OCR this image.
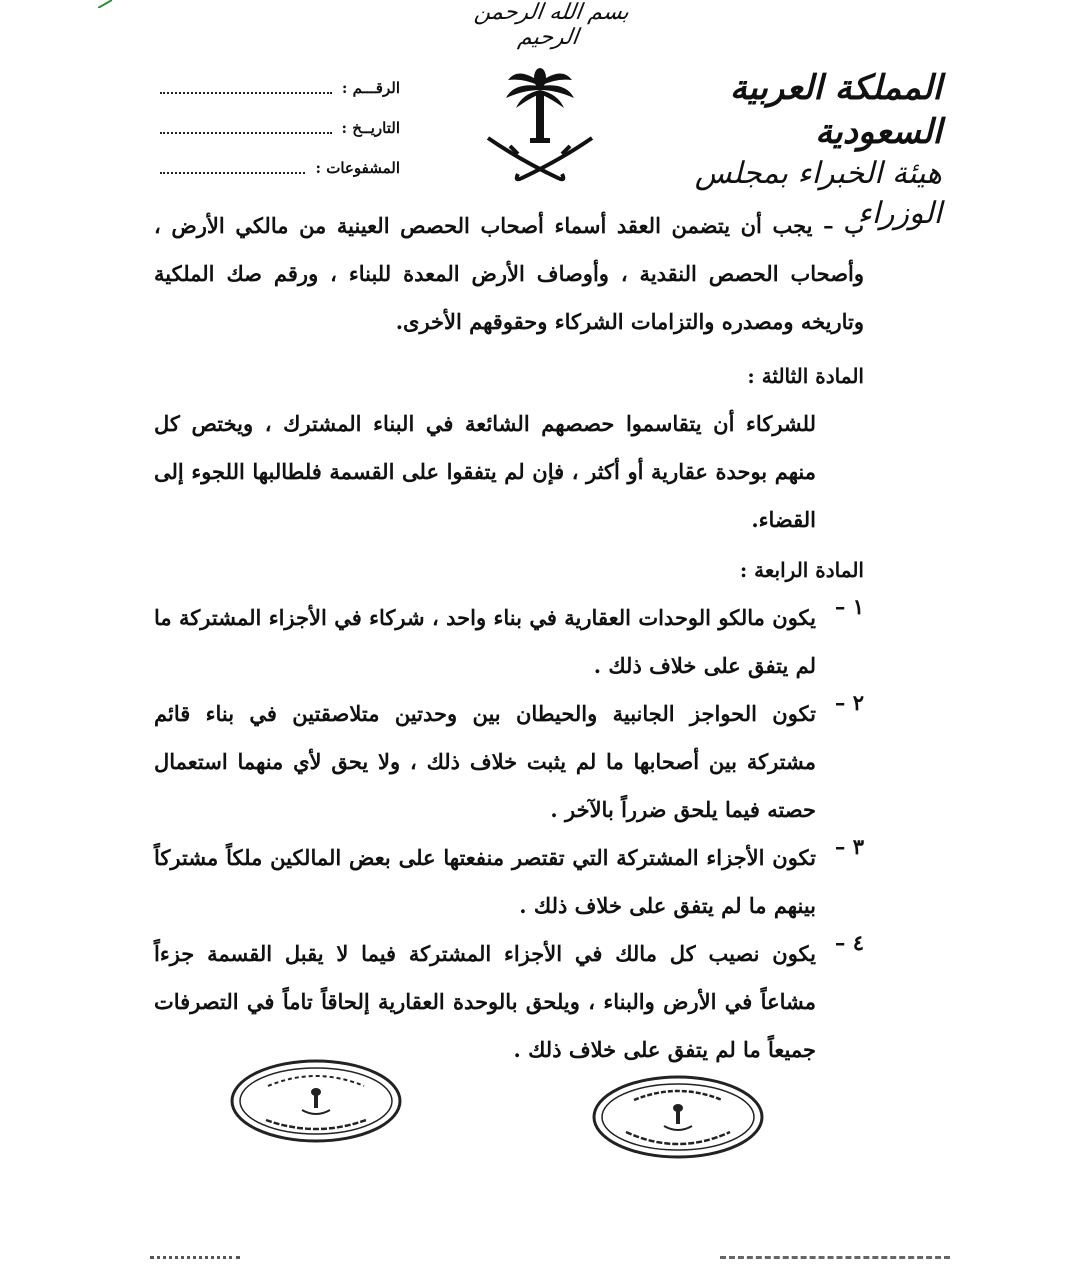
بسم الله الرحمن الرحيم
المملكة العربية السعودية
هيئة الخبراء بمجلس الوزراء
الرقـــم :
التاريــخ :
المشفوعات :

ب – يجب أن يتضمن العقد أسماء أصحاب الحصص العينية من مالكي الأرض ، وأصحاب الحصص النقدية ، وأوصاف الأرض المعدة للبناء ، ورقم صك الملكية وتاريخه ومصدره والتزامات الشركاء وحقوقهم الأخرى.

المادة الثالثة :

للشركاء أن يتقاسموا حصصهم الشائعة في البناء المشترك ، ويختص كل منهم بوحدة عقارية أو أكثر ، فإن لم يتفقوا على القسمة فلطالبها اللجوء إلى القضاء.

المادة الرابعة :

١ –
يكون مالكو الوحدات العقارية في بناء واحد ، شركاء في الأجزاء المشتركة ما لم يتفق على خلاف ذلك .
٢ –
تكون الحواجز الجانبية والحيطان بين وحدتين متلاصقتين في بناء قائم مشتركة بين أصحابها ما لم يثبت خلاف ذلك ، ولا يحق لأي منهما استعمال حصته فيما يلحق ضرراً بالآخر .
٣ –
تكون الأجزاء المشتركة التي تقتصر منفعتها على بعض المالكين ملكاً مشتركاً بينهم ما لم يتفق على خلاف ذلك .
٤ –
يكون نصيب كل مالك في الأجزاء المشتركة فيما لا يقبل القسمة جزءاً مشاعاً في الأرض والبناء ، ويلحق بالوحدة العقارية إلحاقاً تاماً في التصرفات جميعاً ما لم يتفق على خلاف ذلك .
